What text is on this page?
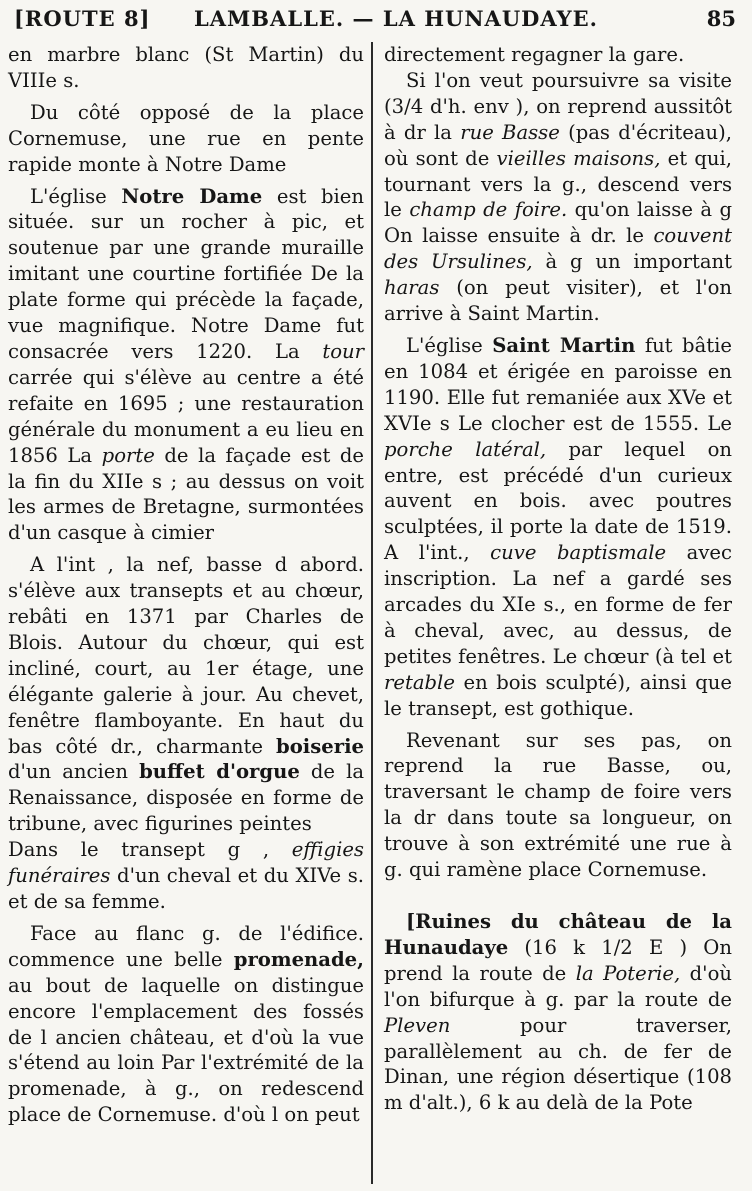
[ROUTE 8] LAMBALLE. — LA HUNAUDAYE.	85

en marbre blanc (St Martin) du VIIIe s.

Du côté opposé de la place Cornemuse, une rue en pente rapide monte à Notre Dame

L'église Notre Dame est bien située. sur un rocher à pic, et soutenue par une grande muraille imitant une courtine fortifiée De la plate forme qui précède la façade, vue magnifique. Notre Dame fut consacrée vers 1220. La tour carrée qui s'élève au centre a été refaite en 1695 ; une restauration générale du monument a eu lieu en 1856 La porte de la façade est de la fin du XIIe s ; au dessus on voit les armes de Bretagne, surmontées d'un casque à cimier

A l'int , la nef, basse d abord. s'élève aux transepts et au chœur, rebâti en 1371 par Charles de Blois. Autour du chœur, qui est incliné, court, au 1er étage, une élégante galerie à jour. Au chevet, fenêtre flamboyante. En haut du bas côté dr., charmante boiserie d'un ancien buffet d'orgue de la Renaissance, disposée en forme de tribune, avec figurines peintes

Dans le transept g , effigies funéraires d'un cheval et du XIVe s. et de sa femme.

Face au flanc g. de l'édifice. commence une belle promenade, au bout de laquelle on distingue encore l'emplacement des fossés de l ancien château, et d'où la vue s'étend au loin Par l'extrémité de la promenade, à g., on redescend place de Cornemuse. d'où l on peut

directement regagner la gare.

Si l'on veut poursuivre sa visite (3/4 d'h. env ), on reprend aussitôt à dr la rue Basse (pas d'écriteau), où sont de vieilles maisons, et qui, tournant vers la g., descend vers le champ de foire. qu'on laisse à g On laisse ensuite à dr. le couvent des Ursulines, à g un important haras (on peut visiter), et l'on arrive à Saint Martin.

L'église Saint Martin fut bâtie en 1084 et érigée en paroisse en 1190. Elle fut remaniée aux XVe et XVIe s Le clocher est de 1555. Le porche latéral, par lequel on entre, est précédé d'un curieux auvent en bois. avec poutres sculptées, il porte la date de 1519. A l'int., cuve baptismale avec inscription. La nef a gardé ses arcades du XIe s., en forme de fer à cheval, avec, au dessus, de petites fenêtres. Le chœur (à tel et retable en bois sculpté), ainsi que le transept, est gothique.

Revenant sur ses pas, on reprend la rue Basse, ou, traversant le champ de foire vers la dr dans toute sa longueur, on trouve à son extrémité une rue à g. qui ramène place Cornemuse.

[Ruines du château de la Hunaudaye (16 k 1/2 E ) On prend la route de la Poterie, d'où l'on bifurque à g. par la route de Pleven	pour traverser, parallèlement au ch. de fer de Dinan, une région désertique (108 m d'alt.), 6 k au delà de la Pote
